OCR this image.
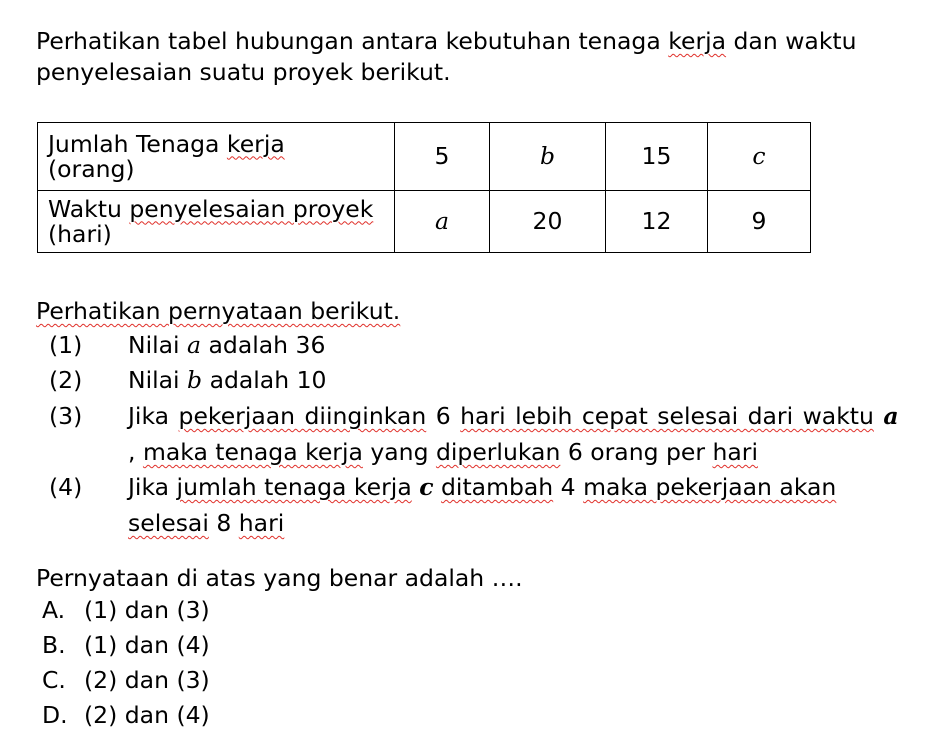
Perhatikan tabel hubungan antara kebutuhan tenaga kerja dan waktu penyelesaian suatu proyek berikut.
Jumlah Tenaga kerja
(orang)	5	b	15	c
Waktu penyelesaian proyek
(hari)	a	20	12	9
Perhatikan pernyataan berikut.
(1) Nilai a adalah 36
(2) Nilai b adalah 10
(3) Jika pekerjaan diinginkan 6 hari lebih cepat selesai dari waktu a
, maka tenaga kerja yang diperlukan 6 orang per hari
(4) Jika jumlah tenaga kerja c ditambah 4 maka pekerjaan akan
selesai 8 hari
Pernyataan di atas yang benar adalah ….
A. (1) dan (3)
B. (1) dan (4)
C. (2) dan (3)
D. (2) dan (4)
